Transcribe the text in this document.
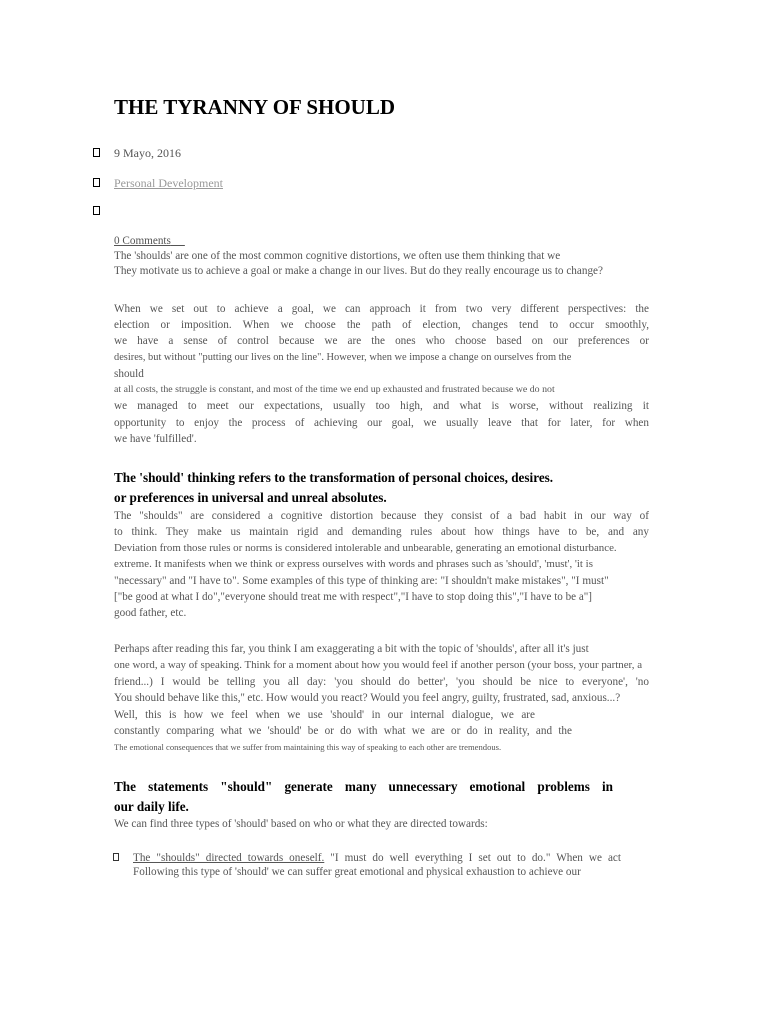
THE TYRANNY OF SHOULD
9 Mayo, 2016
Personal Development
0 Comments
The 'shoulds' are one of the most common cognitive distortions, we often use them thinking that we
They motivate us to achieve a goal or make a change in our lives. But do they really encourage us to change?
When we set out to achieve a goal, we can approach it from two very different perspectives: the
election or imposition. When we choose the path of election, changes tend to occur smoothly,
we have a sense of control because we are the ones who choose based on our preferences or
desires, but without "putting our lives on the line". However, when we impose a change on ourselves from the
should
at all costs, the struggle is constant, and most of the time we end up exhausted and frustrated because we do not
we managed to meet our expectations, usually too high, and what is worse, without realizing it
opportunity to enjoy the process of achieving our goal, we usually leave that for later, for when
we have 'fulfilled'.
The 'should' thinking refers to the transformation of personal choices, desires.
or preferences in universal and unreal absolutes.
The "shoulds" are considered a cognitive distortion because they consist of a bad habit in our way of
to think. They make us maintain rigid and demanding rules about how things have to be, and any
Deviation from those rules or norms is considered intolerable and unbearable, generating an emotional disturbance.
extreme. It manifests when we think or express ourselves with words and phrases such as 'should', 'must', 'it is
"necessary" and "I have to". Some examples of this type of thinking are: "I shouldn't make mistakes", "I must"
["be good at what I do","everyone should treat me with respect","I have to stop doing this","I have to be a"]
good father, etc.
Perhaps after reading this far, you think I am exaggerating a bit with the topic of 'shoulds', after all it's just
one word, a way of speaking. Think for a moment about how you would feel if another person (your boss, your partner, a
friend...) I would be telling you all day: 'you should do better', 'you should be nice to everyone', 'no
You should behave like this,'' etc. How would you react? Would you feel angry, guilty, frustrated, sad, anxious...?
Well, this is how we feel when we use 'should' in our internal dialogue, we are
constantly comparing what we 'should' be or do with what we are or do in reality, and the
The emotional consequences that we suffer from maintaining this way of speaking to each other are tremendous.
The statements "should" generate many unnecessary emotional problems in
our daily life.
We can find three types of 'should' based on who or what they are directed towards:
The "shoulds" directed towards oneself. "I must do well everything I set out to do." When we act
Following this type of 'should' we can suffer great emotional and physical exhaustion to achieve our
